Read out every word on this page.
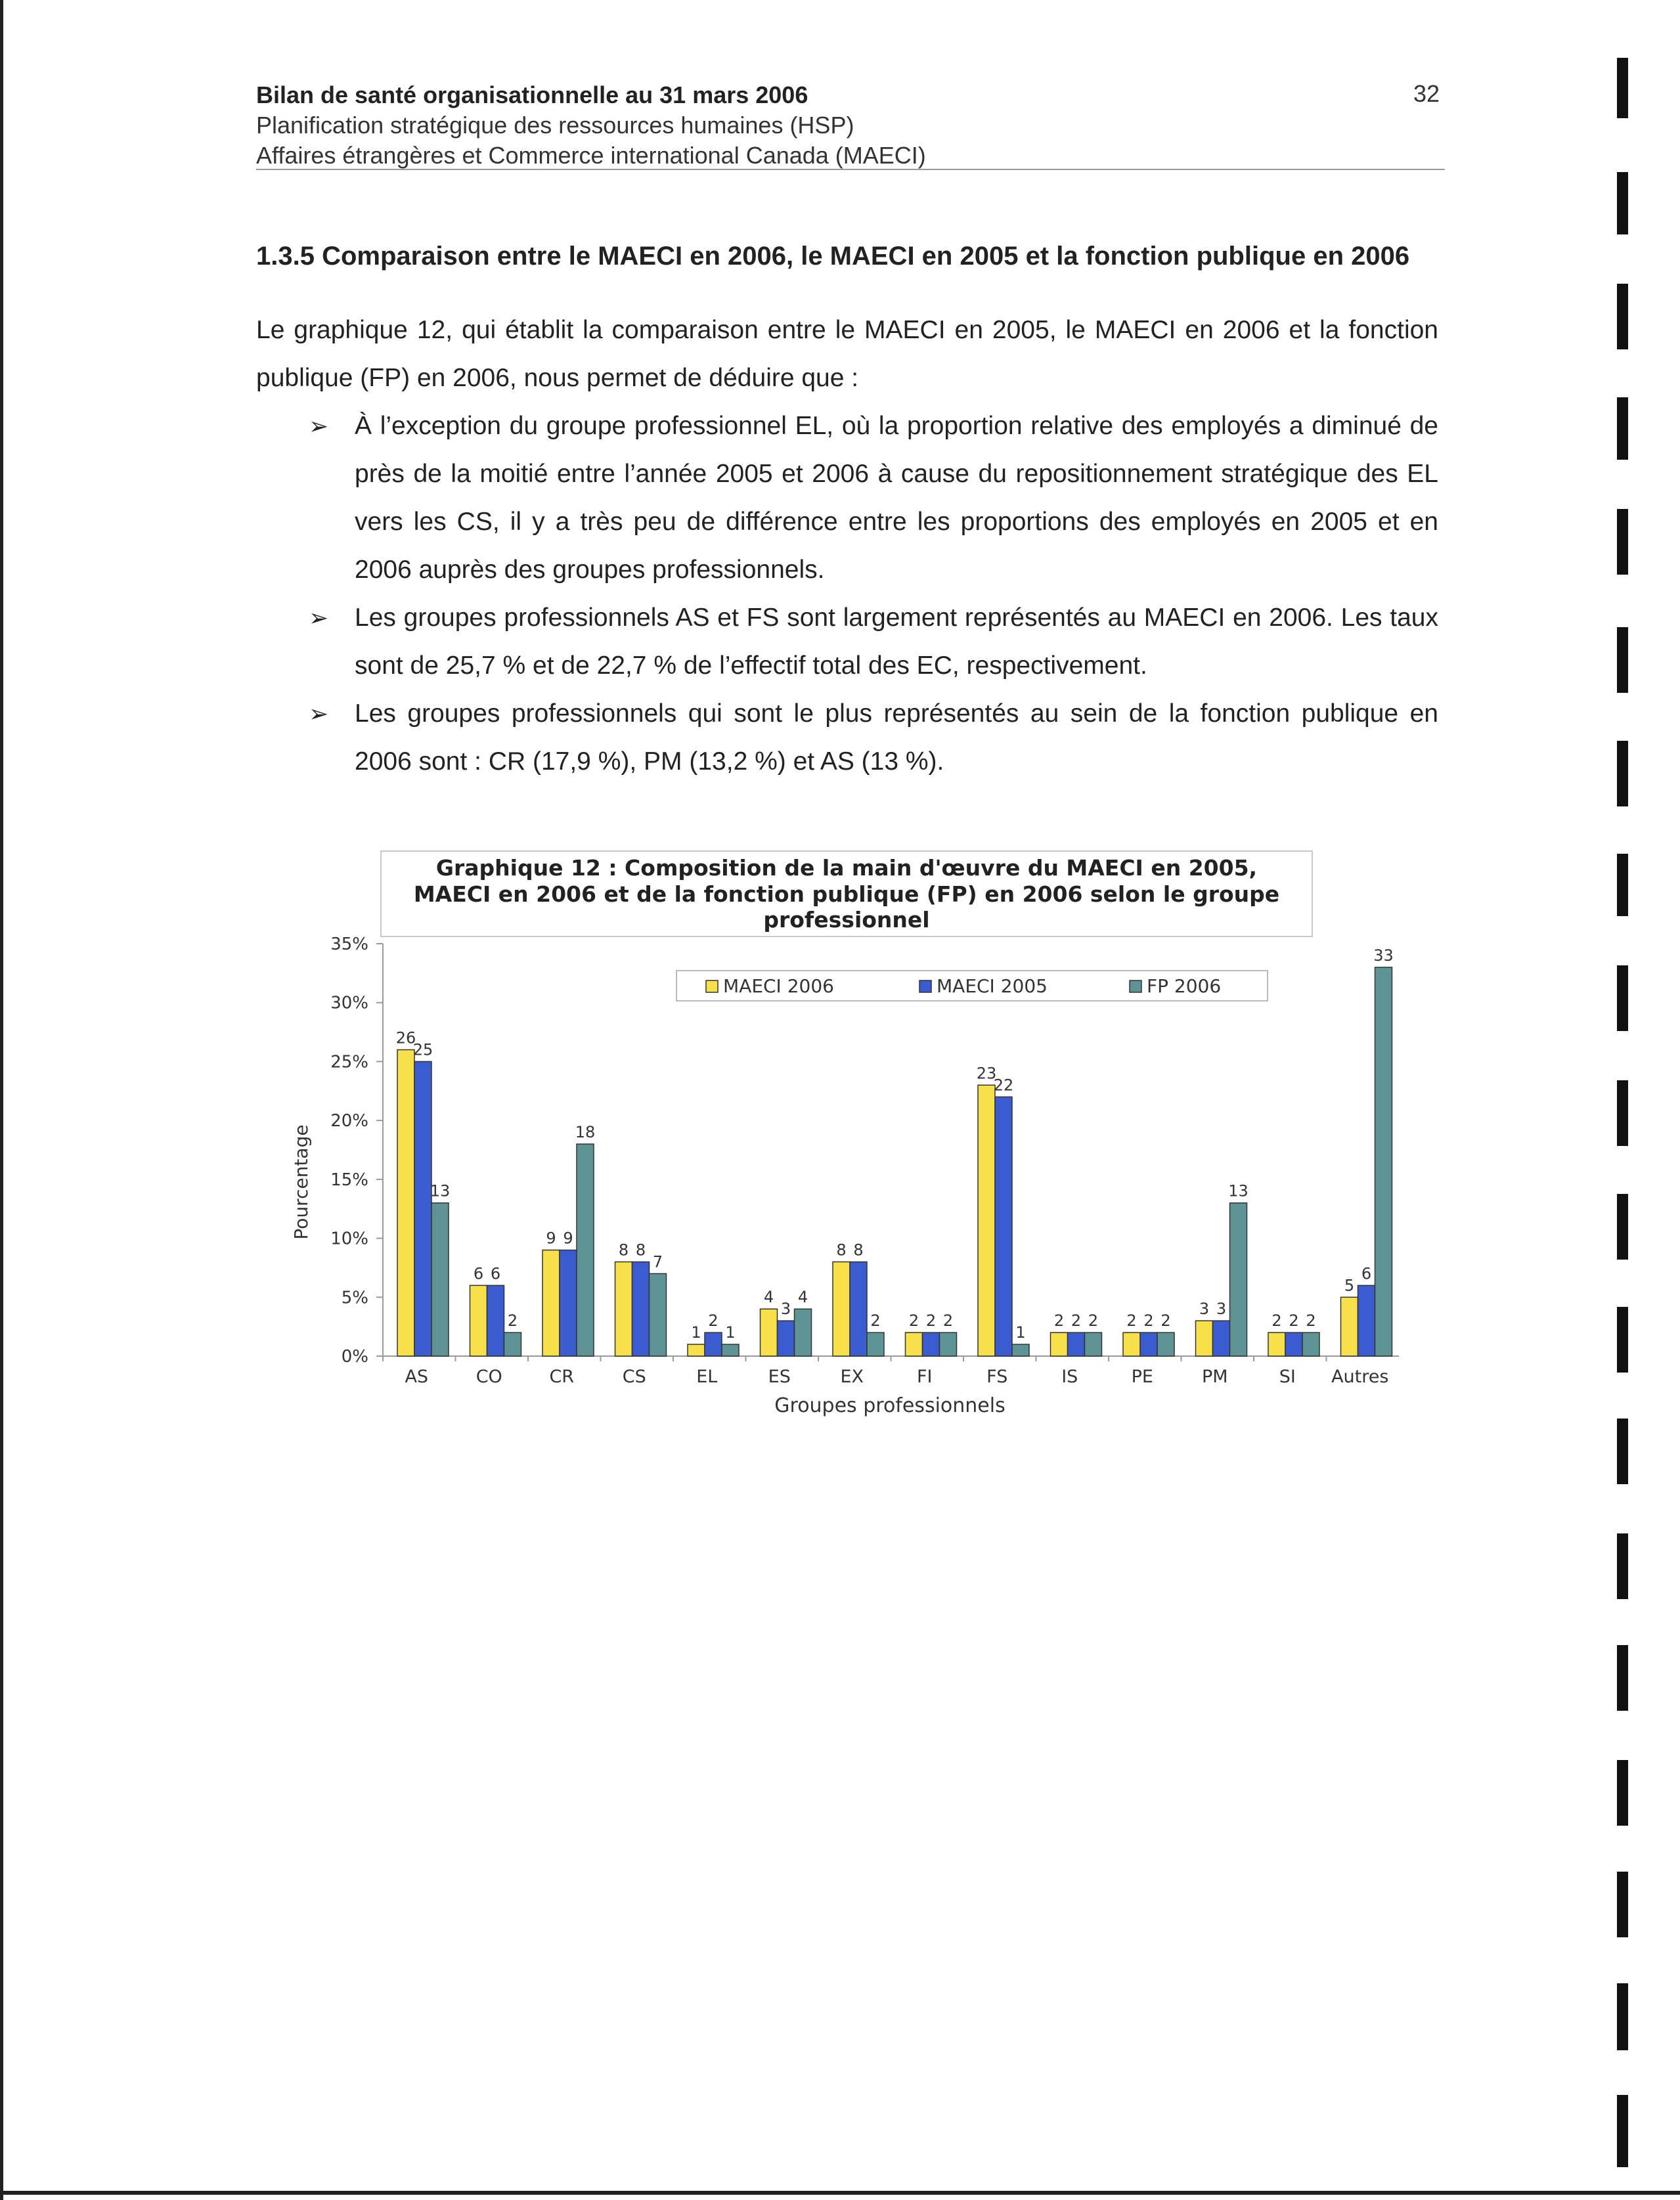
Bilan de santé organisationnelle au 31 mars 2006
Planification stratégique des ressources humaines (HSP)
Affaires étrangères et Commerce international Canada (MAECI)
32
1.3.5 Comparaison entre le MAECI en 2006, le MAECI en 2005 et la fonction publique en 2006
Le graphique 12, qui établit la comparaison entre le MAECI en 2005, le MAECI en 2006 et la fonction publique (FP) en 2006, nous permet de déduire que :
➢ À l’exception du groupe professionnel EL, où la proportion relative des employés a diminué de près de la moitié entre l’année 2005 et 2006 à cause du repositionnement stratégique des EL vers les CS, il y a très peu de différence entre les proportions des employés en 2005 et en 2006 auprès des groupes professionnels.
➢ Les groupes professionnels AS et FS sont largement représentés au MAECI en 2006. Les taux sont de 25,7 % et de 22,7 % de l’effectif total des EC, respectivement.
➢ Les groupes professionnels qui sont le plus représentés au sein de la fonction publique en 2006 sont : CR (17,9 %), PM (13,2 %) et AS (13 %).
Graphique 12 : Composition de la main d'œuvre du MAECI en 2005,
MAECI en 2006 et de la fonction publique (FP) en 2006 selon le groupe
professionnel
Pourcentage
Groupes professionnels
0%
5%
10%
15%
20%
25%
30%
35%
26
25
13
AS
6 6
2
CO
9 9
18
CR
8 8
7
CS
1
2
1
EL
4
3
4
ES
8 8
2
EX
2 2 2
FI
23
22
1
FS
2 2 2
IS
2 2 2
PE
3 3
13
PM
2 2 2
SI
5
6
33
Autres
MAECI 2006	MAECI 2005	FP 2006
